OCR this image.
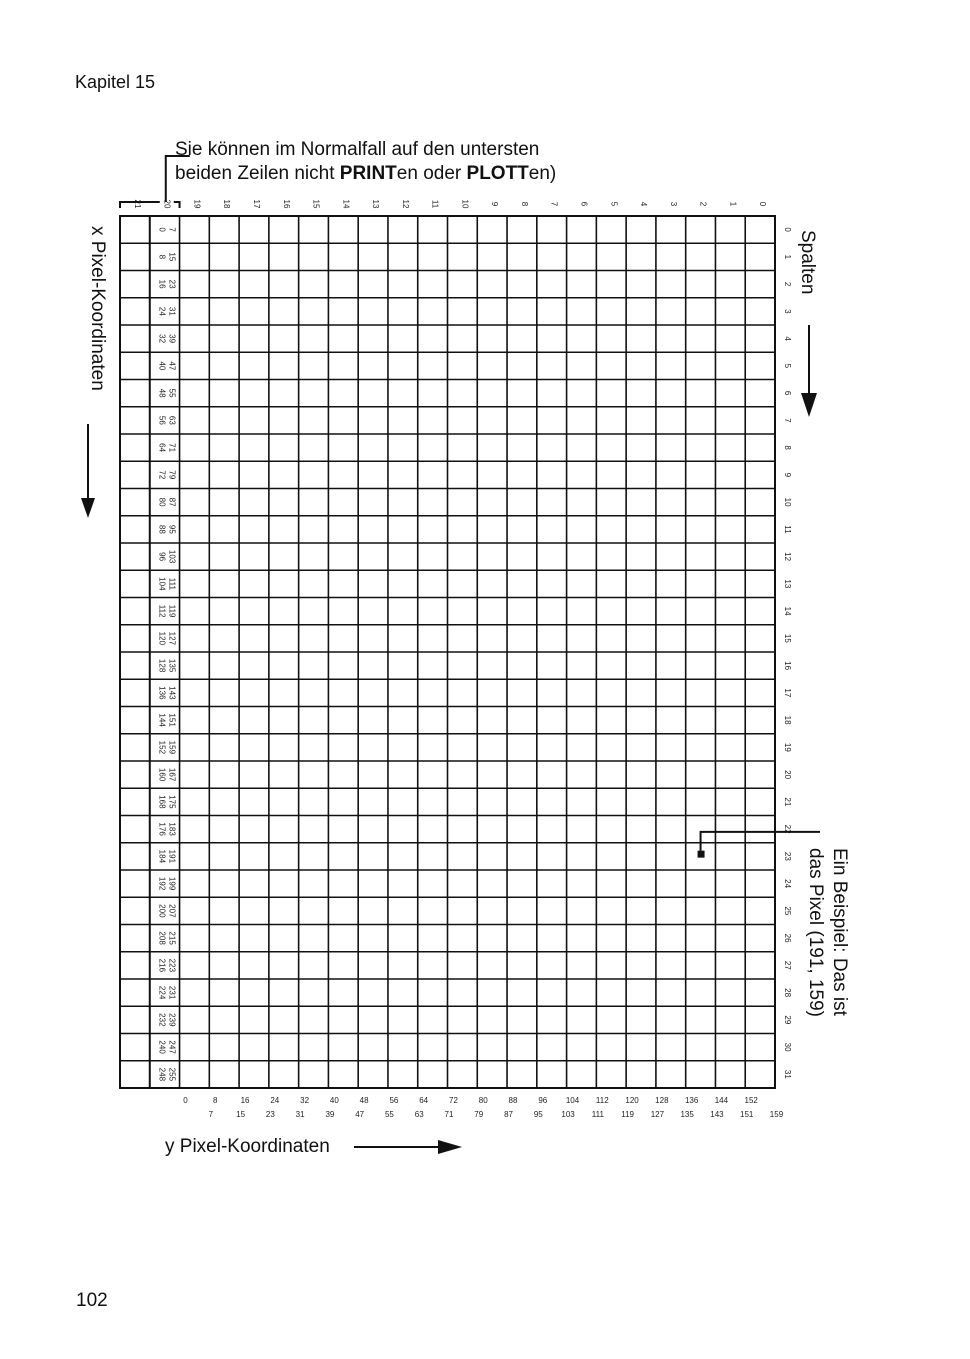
Kapitel 15
Sie können im Normalfall auf den untersten
beiden Zeilen nicht PRINTen oder PLOTTen)
x Pixel-Koordinaten	Spalten
Ein Beispiel: Das ist
das Pixel (191, 159)
y Pixel-Koordinaten
102
21	20	19	18	17	16	15	14	13	12	11	10	9	8	7	6	5	4	3	2	1	0
0
1
2
3
4
5
6
7
8
9
10
11
12
13
14
15
16
17
18
19
20
21
22
23
24
25
26
27
28
29
30
31
0 7
8 15
16 23
24 31
32 39
40 47
48 55
56 63
64 71
72 79
80 87
88 95
96 103
104 111
112 119
120 127
128 135
136 143
144 151
152 159
160 167
168 175
176 183
184 191
192 199
200 207
208 215
216 223
224 231
232 239
240 247
248 255
0	8	16	24	32	40	48	56	64	72	80	88	96 104 112 120 128 136 144 152
7	15	23	31	39	47	55	63	71	79	87	95 103 111 119 127 135 143 151 159
